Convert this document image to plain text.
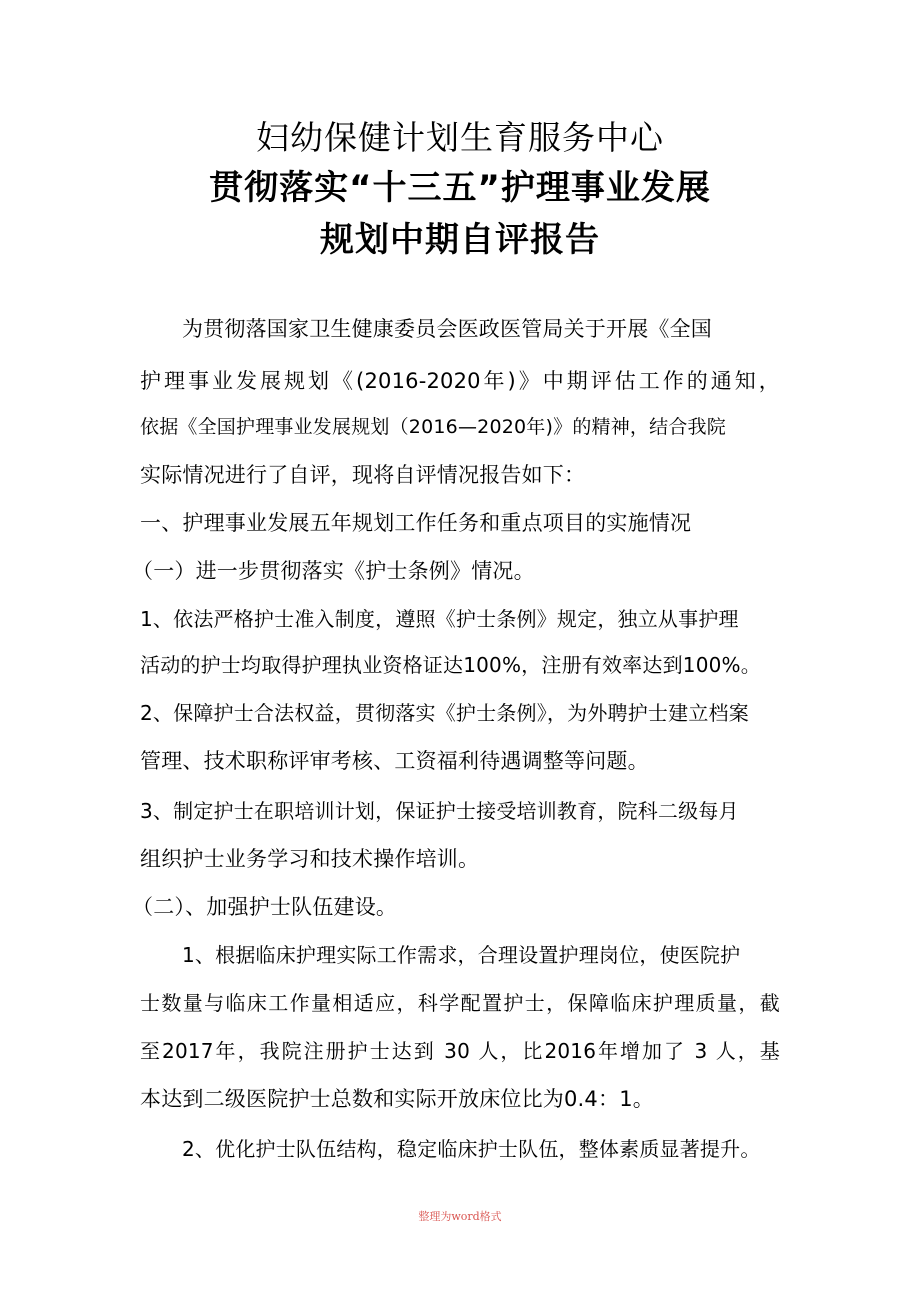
妇幼保健计划生育服务中心
贯彻落实“十三五”护理事业发展
规划中期自评报告
为贯彻落国家卫生健康委员会医政医管局关于开展《全国
护理事业发展规划《(2016-2020年)》中期评估工作的通知，
依据《全国护理事业发展规划（2016—2020年)》的精神，结合我院
实际情况进行了自评，现将自评情况报告如下：
一、护理事业发展五年规划工作任务和重点项目的实施情况
（一）进一步贯彻落实《护士条例》情况。
1、依法严格护士准入制度，遵照《护士条例》规定，独立从事护理
活动的护士均取得护理执业资格证达100%，注册有效率达到100%。
2、保障护士合法权益，贯彻落实《护士条例》，为外聘护士建立档案
管理、技术职称评审考核、工资福利待遇调整等问题。
3、制定护士在职培训计划，保证护士接受培训教育，院科二级每月
组织护士业务学习和技术操作培训。
（二）、加强护士队伍建设。
1、根据临床护理实际工作需求，合理设置护理岗位，使医院护
士数量与临床工作量相适应，科学配置护士，保障临床护理质量，截
至2017年，我院注册护士达到 30 人，比2016年增加了 3 人，基
本达到二级医院护士总数和实际开放床位比为0.4：1。
2、优化护士队伍结构，稳定临床护士队伍，整体素质显著提升。
整理为word格式
